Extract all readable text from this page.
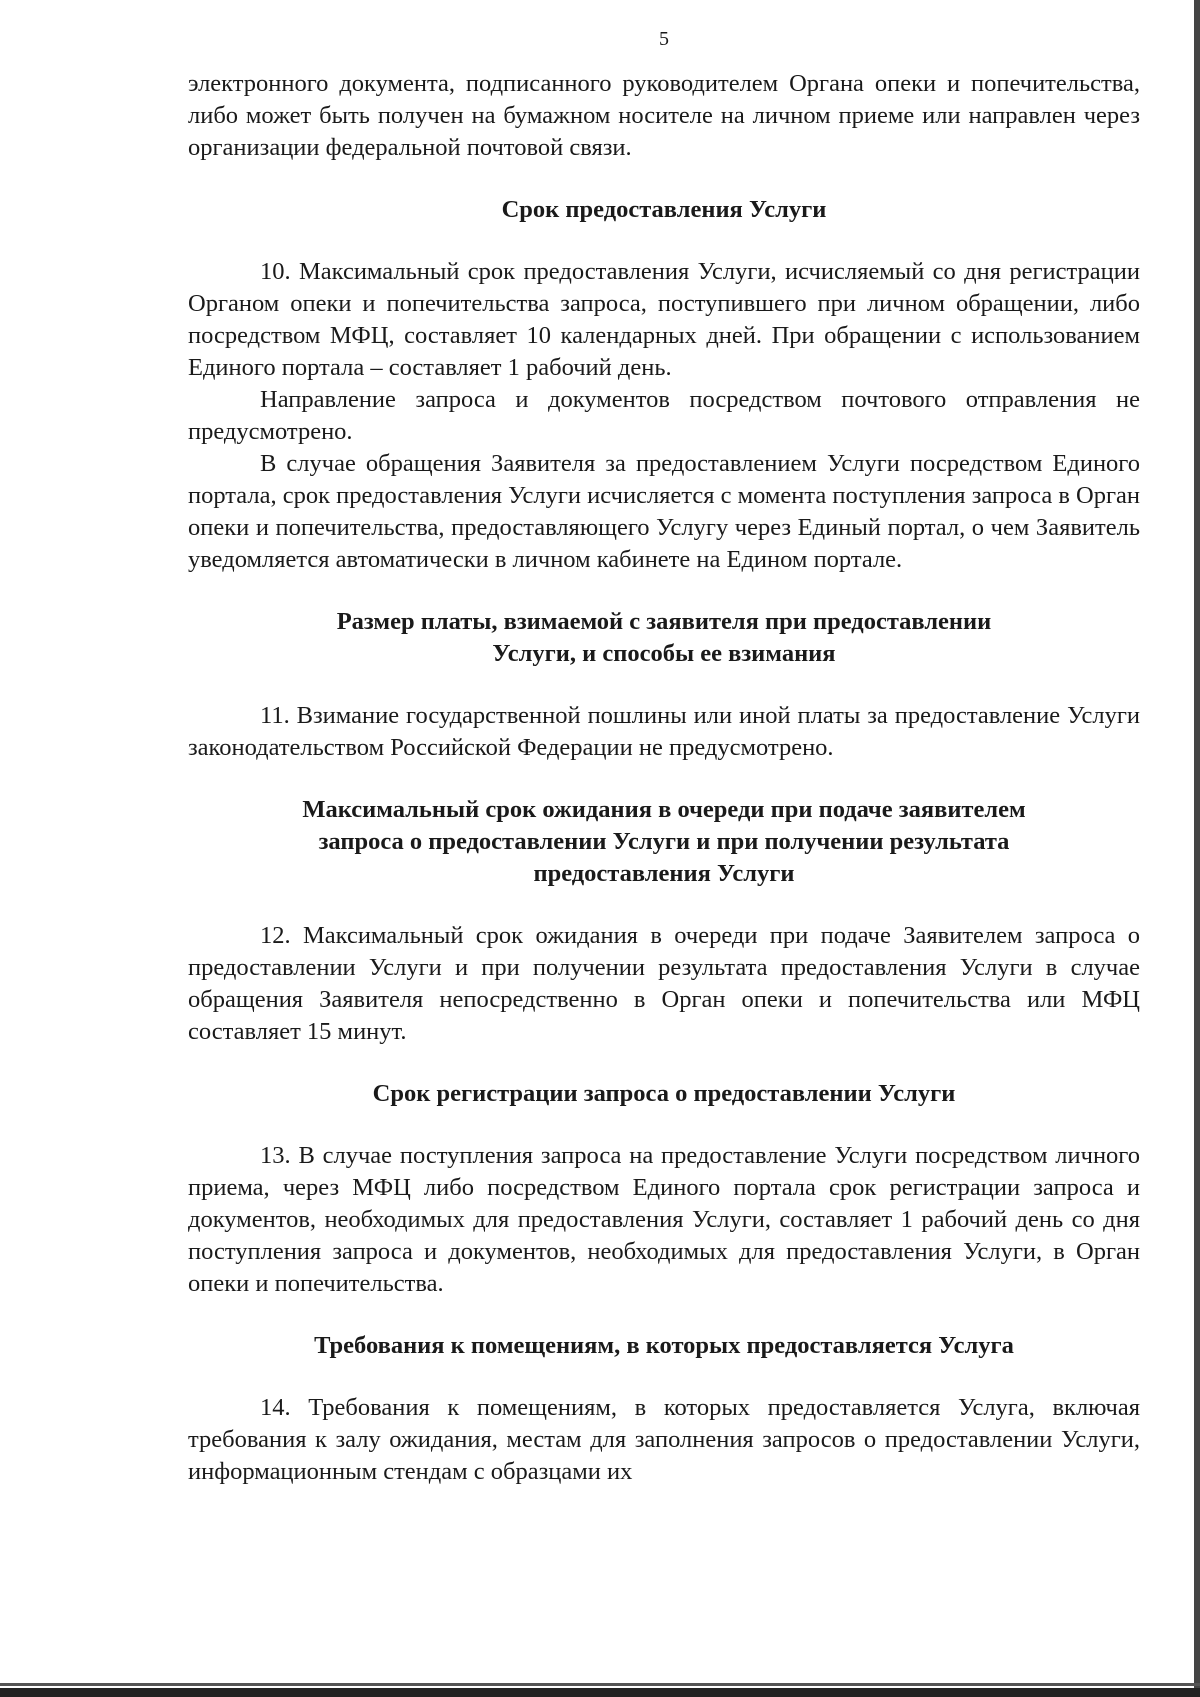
5

электронного документа, подписанного руководителем Органа опеки и попечительства, либо может быть получен на бумажном носителе на личном приеме или направлен через организации федеральной почтовой связи.

Срок предоставления Услуги

10. Максимальный срок предоставления Услуги, исчисляемый со дня регистрации Органом опеки и попечительства запроса, поступившего при личном обращении, либо посредством МФЦ, составляет 10 календарных дней. При обращении с использованием Единого портала – составляет 1 рабочий день.

Направление запроса и документов посредством почтового отправления не предусмотрено.

В случае обращения Заявителя за предоставлением Услуги посредством Единого портала, срок предоставления Услуги исчисляется с момента поступления запроса в Орган опеки и попечительства, предоставляющего Услугу через Единый портал, о чем Заявитель уведомляется автоматически в личном кабинете на Едином портале.

Размер платы, взимаемой с заявителя при предоставлении
Услуги, и способы ее взимания

11. Взимание государственной пошлины или иной платы за предоставление Услуги законодательством Российской Федерации не предусмотрено.

Максимальный срок ожидания в очереди при подаче заявителем
запроса о предоставлении Услуги и при получении результата
предоставления Услуги

12. Максимальный срок ожидания в очереди при подаче Заявителем запроса о предоставлении Услуги и при получении результата предоставления Услуги в случае обращения Заявителя непосредственно в Орган опеки и попечительства или МФЦ составляет 15 минут.

Срок регистрации запроса о предоставлении Услуги

13. В случае поступления запроса на предоставление Услуги посредством личного приема, через МФЦ либо посредством Единого портала срок регистрации запроса и документов, необходимых для предоставления Услуги, составляет 1 рабочий день со дня поступления запроса и документов, необходимых для предоставления Услуги, в Орган опеки и попечительства.

Требования к помещениям, в которых предоставляется Услуга

14. Требования к помещениям, в которых предоставляется Услуга, включая требования к залу ожидания, местам для заполнения запросов о предоставлении Услуги, информационным стендам с образцами их
